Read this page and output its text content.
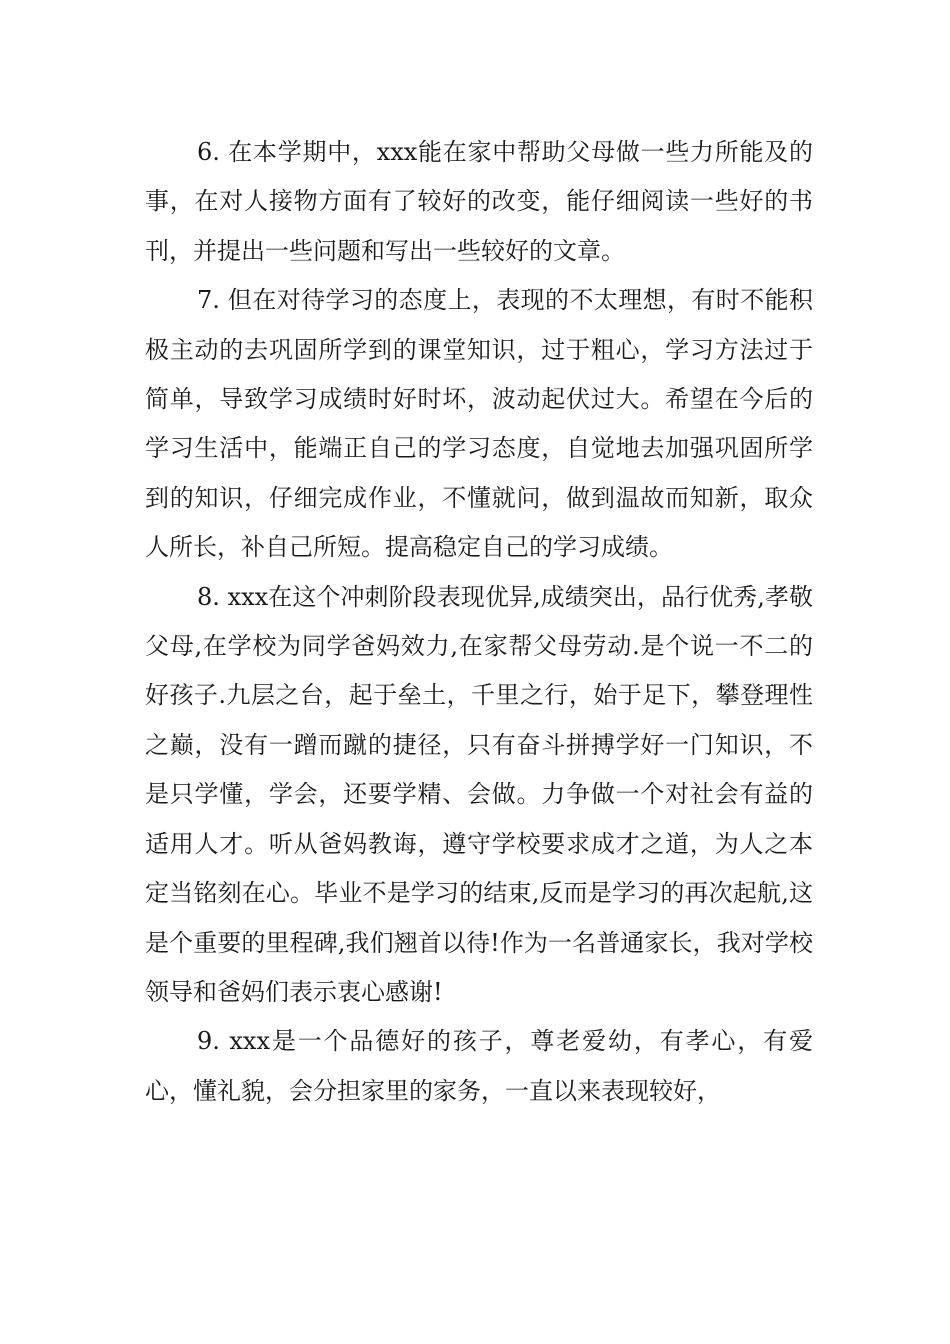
6. 在本学期中，xxx能在家中帮助父母做一些力所能及的事，在对人接物方面有了较好的改变，能仔细阅读一些好的书刊，并提出一些问题和写出一些较好的文章。

7. 但在对待学习的态度上，表现的不太理想，有时不能积极主动的去巩固所学到的课堂知识，过于粗心，学习方法过于简单，导致学习成绩时好时坏，波动起伏过大。希望在今后的学习生活中，能端正自己的学习态度，自觉地去加强巩固所学到的知识，仔细完成作业，不懂就问，做到温故而知新，取众人所长，补自己所短。提高稳定自己的学习成绩。

8. xxx在这个冲刺阶段表现优异,成绩突出，品行优秀,孝敬父母,在学校为同学爸妈效力,在家帮父母劳动.是个说一不二的好孩子.九层之台，起于垒土，千里之行，始于足下，攀登理性之巅，没有一蹭而蹴的捷径，只有奋斗拼搏学好一门知识，不是只学懂，学会，还要学精、会做。力争做一个对社会有益的适用人才。听从爸妈教诲，遵守学校要求成才之道，为人之本定当铭刻在心。毕业不是学习的结束,反而是学习的再次起航,这是个重要的里程碑,我们翘首以待!作为一名普通家长，我对学校领导和爸妈们表示衷心感谢!

9. xxx是一个品德好的孩子，尊老爱幼，有孝心，有爱心，懂礼貌，会分担家里的家务，一直以来表现较好，
